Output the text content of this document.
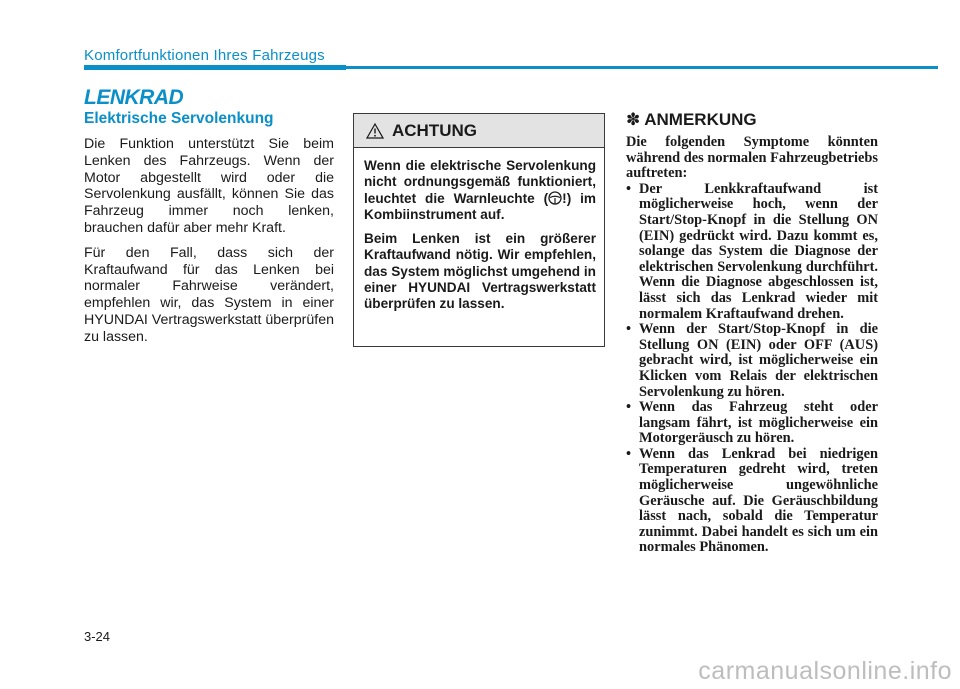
Komfortfunktionen Ihres Fahrzeugs
LENKRAD
Elektrische Servolenkung

Die Funktion unterstützt Sie beim Lenken des Fahrzeugs. Wenn der Motor abgestellt wird oder die Servolenkung ausfällt, können Sie das Fahrzeug immer noch lenken, brauchen dafür aber mehr Kraft.

Für den Fall, dass sich der Kraftaufwand für das Lenken bei normaler Fahrweise verändert, empfehlen wir, das System in einer HYUNDAI Vertragswerkstatt überprüfen zu lassen.

ACHTUNG

Wenn die elektrische Servolenkung nicht ordnungsgemäß funktioniert, leuchtet die Warnleuchte ( !) im Kombiinstrument auf.

Beim Lenken ist ein größerer Kraftaufwand nötig. Wir empfehlen, das System möglichst umgehend in einer HYUNDAI Vertragswerkstatt überprüfen zu lassen.

✽ ANMERKUNG
Die folgenden Symptome könnten während des normalen Fahrzeugbetriebs auftreten:
• Der Lenkkraftaufwand ist möglicherweise hoch, wenn der Start/Stop-Knopf in die Stellung ON (EIN) gedrückt wird. Dazu kommt es, solange das System die Diagnose der elektrischen Servolenkung durchführt. Wenn die Diagnose abgeschlossen ist, lässt sich das Lenkrad wieder mit normalem Kraftaufwand drehen.
• Wenn der Start/Stop-Knopf in die Stellung ON (EIN) oder OFF (AUS) gebracht wird, ist möglicherweise ein Klicken vom Relais der elektrischen Servolenkung zu hören.
• Wenn das Fahrzeug steht oder langsam fährt, ist möglicherweise ein Motorgeräusch zu hören.
• Wenn das Lenkrad bei niedrigen Temperaturen gedreht wird, treten möglicherweise ungewöhnliche Geräusche auf. Die Geräuschbildung lässt nach, sobald die Temperatur zunimmt. Dabei handelt es sich um ein normales Phänomen.
3-24
carmanualsonline.info
